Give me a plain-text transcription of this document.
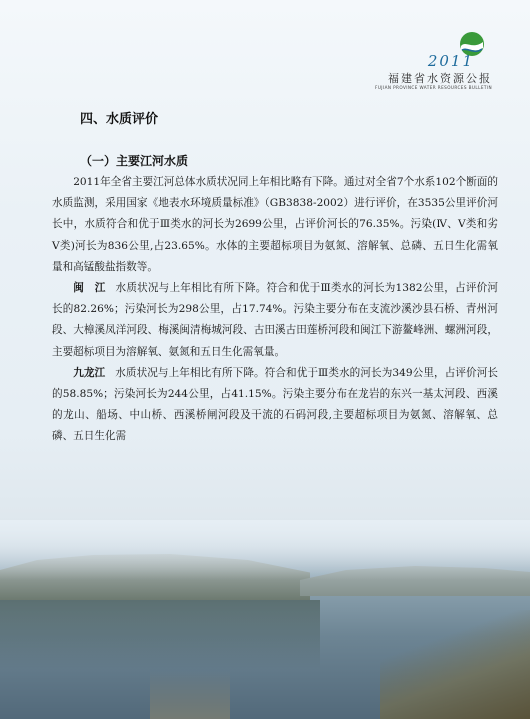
2011
福建省水资源公报
FUJIAN PROVINCE WATER RESOURCES BULLETIN
四、水质评价
（一）主要江河水质

2011年全省主要江河总体水质状况同上年相比略有下降。通过对全省7个水系102个断面的水质监测，采用国家《地表水环境质量标准》（GB3838-2002）进行评价，在3535公里评价河长中，水质符合和优于Ⅲ类水的河长为2699公里，占评价河长的76.35%。污染(Ⅳ、Ⅴ类和劣Ⅴ类)河长为836公里,占23.65%。水体的主要超标项目为氨氮、溶解氧、总磷、五日生化需氧量和高锰酸盐指数等。

闽　江 水质状况与上年相比有所下降。符合和优于Ⅲ类水的河长为1382公里，占评价河长的82.26%；污染河长为298公里，占17.74%。污染主要分布在支流沙溪沙县石桥、青州河段、大樟溪凤洋河段、梅溪闽清梅城河段、古田溪古田莲桥河段和闽江下游鳌峰洲、螺洲河段，主要超标项目为溶解氧、氨氮和五日生化需氧量。

九龙江 水质状况与上年相比有所下降。符合和优于Ⅲ类水的河长为349公里，占评价河长的58.85%；污染河长为244公里，占41.15%。污染主要分布在龙岩的东兴一基太河段、西溪的龙山、船场、中山桥、西溪桥闸河段及干流的石码河段,主要超标项目为氨氮、溶解氧、总磷、五日生化需
